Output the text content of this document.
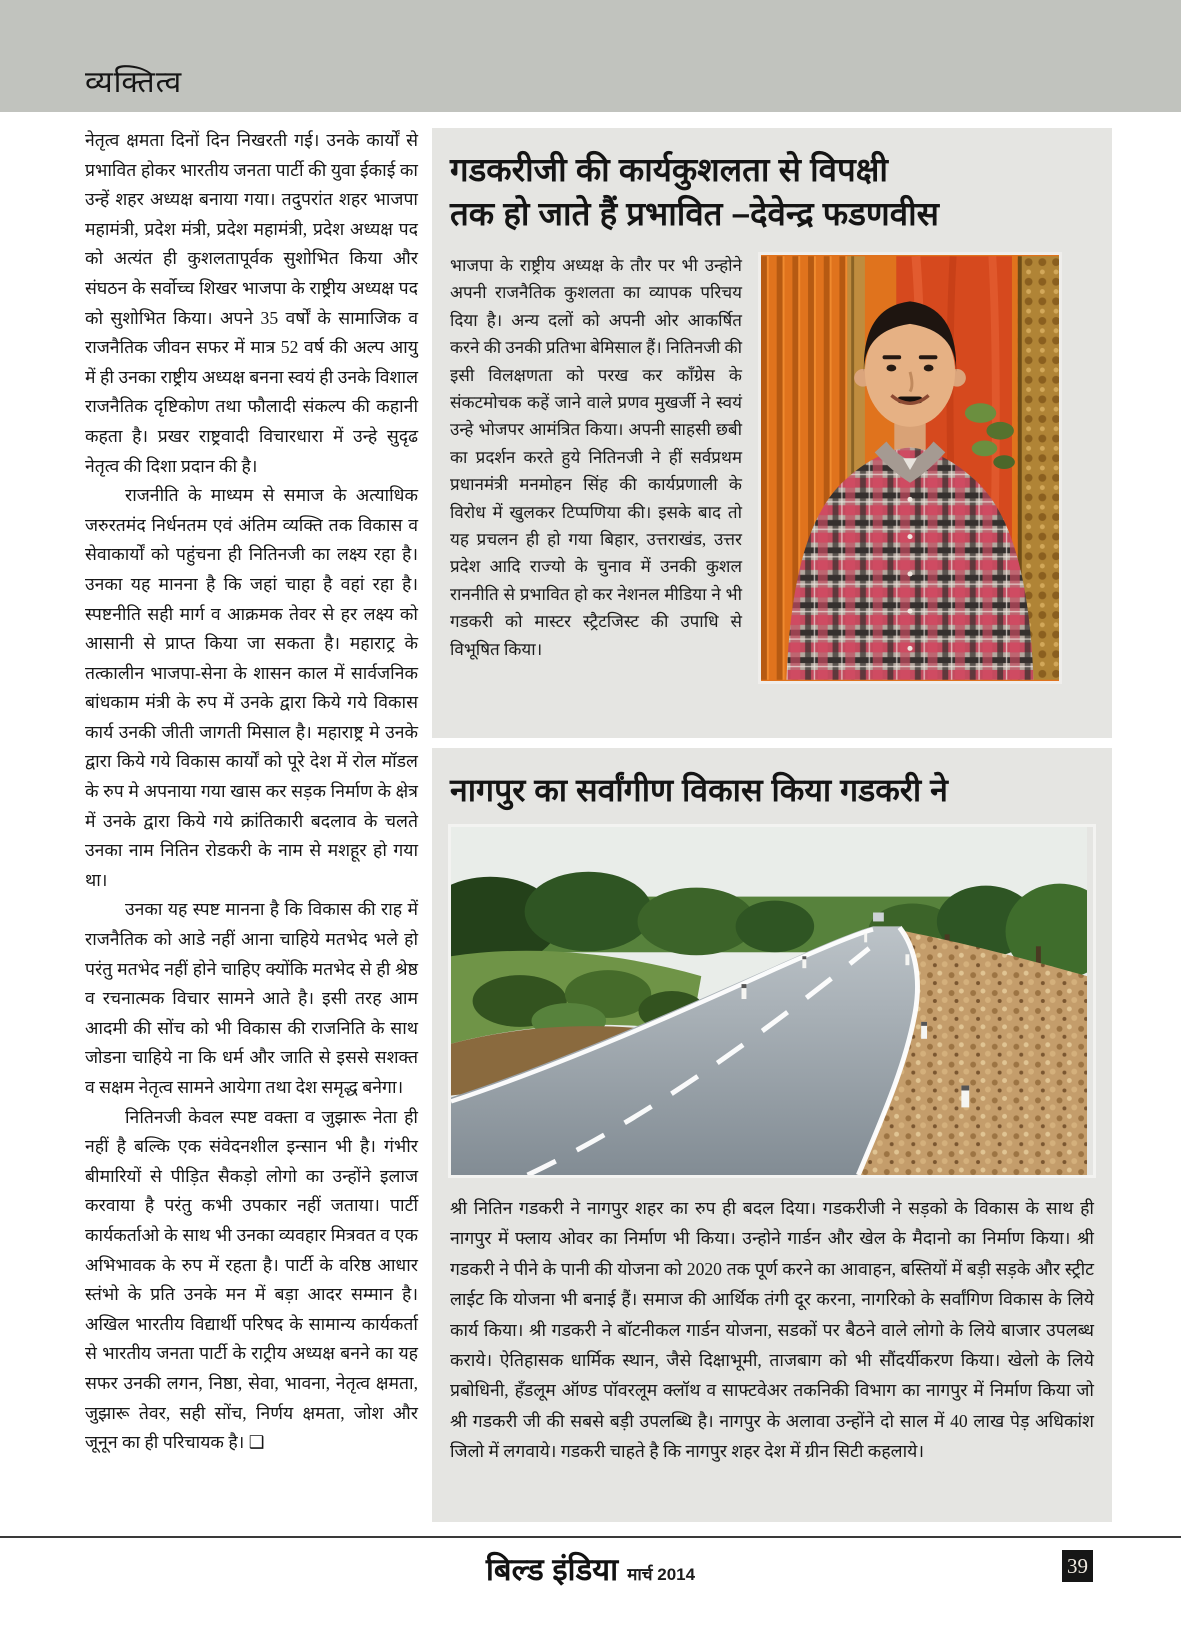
व्यक्तित्व

नेतृत्व क्षमता दिनों दिन निखरती गई। उनके कार्यों से प्रभावित होकर भारतीय जनता पार्टी की युवा ईकाई का उन्हें शहर अध्यक्ष बनाया गया। तदुपरांत शहर भाजपा महामंत्री, प्रदेश मंत्री, प्रदेश महामंत्री, प्रदेश अध्यक्ष पद को अत्यंत ही कुशलतापूर्वक सुशोभित किया और संघठन के सर्वोच्च शिखर भाजपा के राष्ट्रीय अध्यक्ष पद को सुशोभित किया। अपने 35 वर्षों के सामाजिक व राजनैतिक जीवन सफर में मात्र 52 वर्ष की अल्प आयु में ही उनका राष्ट्रीय अध्यक्ष बनना स्वयं ही उनके विशाल राजनैतिक दृष्टिकोण तथा फौलादी संकल्प की कहानी कहता है। प्रखर राष्ट्रवादी विचारधारा में उन्हे सुदृढ नेतृत्व की दिशा प्रदान की है।

राजनीति के माध्यम से समाज के अत्याधिक जरुरतमंद निर्धनतम एवं अंतिम व्यक्ति तक विकास व सेवाकार्यों को पहुंचना ही नितिनजी का लक्ष्य रहा है। उनका यह मानना है कि जहां चाहा है वहां रहा है। स्पष्टनीति सही मार्ग व आक्रमक तेवर से हर लक्ष्य को आसानी से प्राप्त किया जा सकता है। महाराट्र के तत्कालीन भाजपा-सेना के शासन काल में सार्वजनिक बांधकाम मंत्री के रुप में उनके द्वारा किये गये विकास कार्य उनकी जीती जागती मिसाल है। महाराष्ट्र मे उनके द्वारा किये गये विकास कार्यों को पूरे देश में रोल मॉडल के रुप मे अपनाया गया खास कर सड़क निर्माण के क्षेत्र में उनके द्वारा किये गये क्रांतिकारी बदलाव के चलते उनका नाम नितिन रोडकरी के नाम से मशहूर हो गया था।

उनका यह स्पष्ट मानना है कि विकास की राह में राजनैतिक को आडे नहीं आना चाहिये मतभेद भले हो परंतु मतभेद नहीं होने चाहिए क्योंकि मतभेद से ही श्रेष्ठ व रचनात्मक विचार सामने आते है। इसी तरह आम आदमी की सोंच को भी विकास की राजनिति के साथ जोडना चाहिये ना कि धर्म और जाति से इससे सशक्त व सक्षम नेतृत्व सामने आयेगा तथा देश समृद्ध बनेगा।

नितिनजी केवल स्पष्ट वक्ता व जुझारू नेता ही नहीं है बल्कि एक संवेदनशील इन्सान भी है। गंभीर बीमारियों से पीड़ित सैकड़ो लोगो का उन्होंने इलाज करवाया है परंतु कभी उपकार नहीं जताया। पार्टी कार्यकर्ताओ के साथ भी उनका व्यवहार मित्रवत व एक अभिभावक के रुप में रहता है। पार्टी के वरिष्ठ आधार स्तंभो के प्रति उनके मन में बड़ा आदर सम्मान है। अखिल भारतीय विद्यार्थी परिषद के सामान्य कार्यकर्ता से भारतीय जनता पार्टी के राट्रीय अध्यक्ष बनने का यह सफर उनकी लगन, निष्ठा, सेवा, भावना, नेतृत्व क्षमता, जुझारू तेवर, सही सोंच, निर्णय क्षमता, जोश और जूनून का ही परिचायक है। ❑

गडकरीजी की कार्यकुशलता से विपक्षी
तक हो जाते हैं प्रभावित –देवेन्द्र फडणवीस
भाजपा के राष्ट्रीय अध्यक्ष के तौर पर भी उन्होने अपनी राजनैतिक कुशलता का व्यापक परिचय दिया है। अन्य दलों को अपनी ओर आकर्षित करने की उनकी प्रतिभा बेमिसाल हैं। नितिनजी की इसी विलक्षणता को परख कर काँग्रेस के संकटमोचक कहें जाने वाले प्रणव मुखर्जी ने स्वयं उन्हे भोजपर आमंत्रित किया। अपनी साहसी छबी का प्रदर्शन करते हुये नितिनजी ने हीं सर्वप्रथम प्रधानमंत्री मनमोहन सिंह की कार्यप्रणाली के विरोध में खुलकर टिप्पणिया की। इसके बाद तो यह प्रचलन ही हो गया बिहार, उत्तराखंड, उत्तर प्रदेश आदि राज्यो के चुनाव में उनकी कुशल राननीति से प्रभावित हो कर नेशनल मीडिया ने भी गडकरी को मास्टर स्ट्रैटजिस्ट की उपाधि से विभूषित किया।
नागपुर का सर्वांगीण विकास किया गडकरी ने
श्री नितिन गडकरी ने नागपुर शहर का रुप ही बदल दिया। गडकरीजी ने सड़को के विकास के साथ ही नागपुर में फ्लाय ओवर का निर्माण भी किया। उन्होने गार्डन और खेल के मैदानो का निर्माण किया। श्री गडकरी ने पीने के पानी की योजना को 2020 तक पूर्ण करने का आवाहन, बस्तियों में बड़ी सड़के और स्ट्रीट लाईट कि योजना भी बनाई हैं। समाज की आर्थिक तंगी दूर करना, नागरिको के सर्वांगिण विकास के लिये कार्य किया। श्री गडकरी ने बॉटनीकल गार्डन योजना, सडकों पर बैठने वाले लोगो के लिये बाजार उपलब्ध कराये। ऐतिहासक धार्मिक स्थान, जैसे दिक्षाभूमी, ताजबाग को भी सौंदर्यीकरण किया। खेलो के लिये प्रबोधिनी, हँडलूम ऑण्ड पॉवरलूम क्लॉथ व साफ्टवेअर तकनिकी विभाग का नागपुर में निर्माण किया जो श्री गडकरी जी की सबसे बड़ी उपलब्धि है। नागपुर के अलावा उन्होंने दो साल में 40 लाख पेड़ अधिकांश जिलो में लगवाये। गडकरी चाहते है कि नागपुर शहर देश में ग्रीन सिटी कहलाये।
बिल्ड इंडिया मार्च 2014	39
